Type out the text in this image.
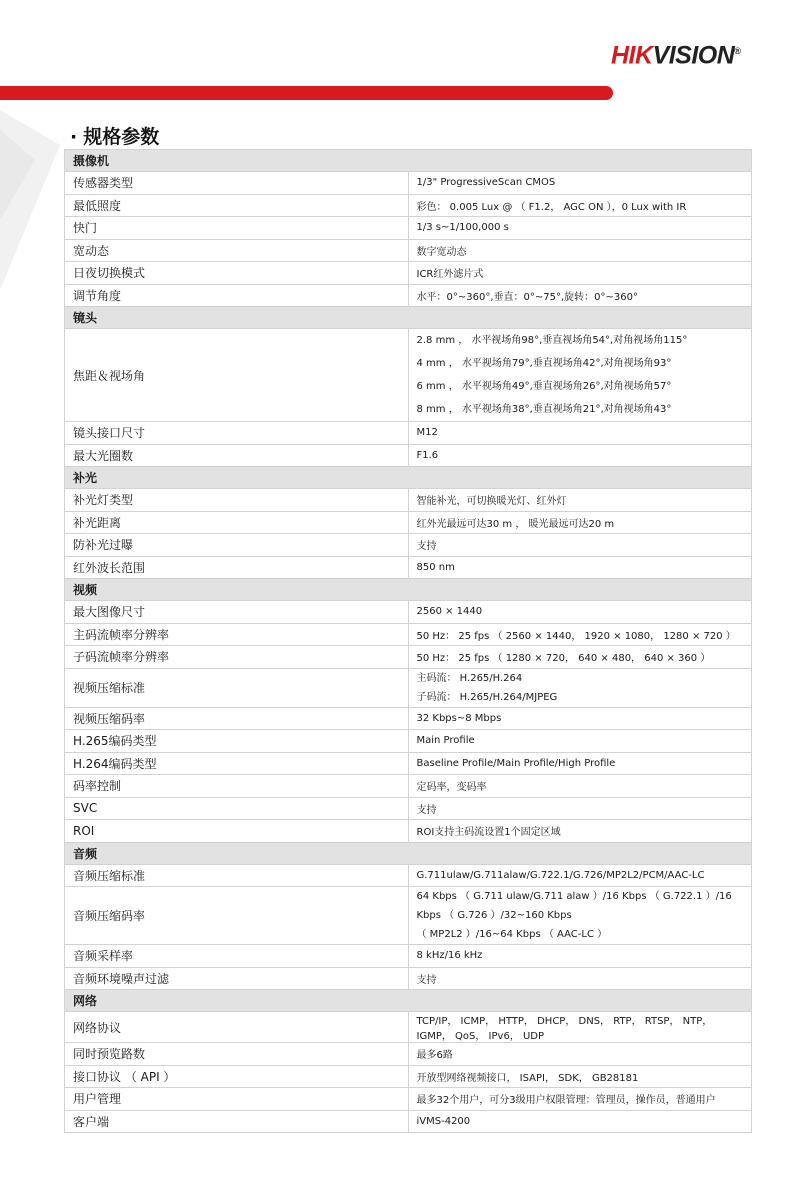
HIKVISION®
· 规格参数
摄像机	
传感器类型	1/3" ProgressiveScan CMOS
最低照度	彩色： 0.005 Lux @ （ F1.2， AGC ON ），0 Lux with IR
快门	1/3 s~1/100,000 s
宽动态	数字宽动态
日夜切换模式	ICR红外滤片式
调节角度	水平：0°~360°,垂直：0°~75°,旋转：0°~360°
镜头	
焦距＆视场角	2.8 mm ， 水平视场角98°,垂直视场角54°,对角视场角115°
4 mm ， 水平视场角79°,垂直视场角42°,对角视场角93°
6 mm ， 水平视场角49°,垂直视场角26°,对角视场角57°
8 mm ， 水平视场角38°,垂直视场角21°,对角视场角43°

镜头接口尺寸	M12
最大光圈数	F1.6
补光	
补光灯类型	智能补光，可切换暖光灯、红外灯
补光距离	红外光最远可达30 m ， 暖光最远可达20 m
防补光过曝	支持
红外波长范围	850 nm
视频	
最大图像尺寸	2560 × 1440
主码流帧率分辨率	50 Hz： 25 fps （ 2560 × 1440， 1920 × 1080， 1280 × 720 ）
子码流帧率分辨率	50 Hz： 25 fps （ 1280 × 720， 640 × 480， 640 × 360 ）
视频压缩标准	主码流： H.265/H.264
子码流： H.265/H.264/MJPEG

视频压缩码率	32 Kbps~8 Mbps
H.265编码类型	Main Profile
H.264编码类型	Baseline Profile/Main Profile/High Profile
码率控制	定码率，变码率
SVC	支持
ROI	ROI支持主码流设置1个固定区域
音频	
音频压缩标准	G.711ulaw/G.711alaw/G.722.1/G.726/MP2L2/PCM/AAC-LC
音频压缩码率	64 Kbps （ G.711 ulaw/G.711 alaw ）/16 Kbps （ G.722.1 ）/16 Kbps （ G.726 ）/32~160 Kbps
（ MP2L2 ）/16~64 Kbps （ AAC-LC ）

音频采样率	8 kHz/16 kHz
音频环境噪声过滤	支持
网络	
网络协议	TCP/IP， ICMP， HTTP， DHCP， DNS， RTP， RTSP， NTP， IGMP， QoS， IPv6， UDP
同时预览路数	最多6路
接口协议 （ API ）	开放型网络视频接口， ISAPI， SDK， GB28181
用户管理	最多32个用户，可分3级用户权限管理：管理员，操作员，普通用户
客户端	iVMS-4200
